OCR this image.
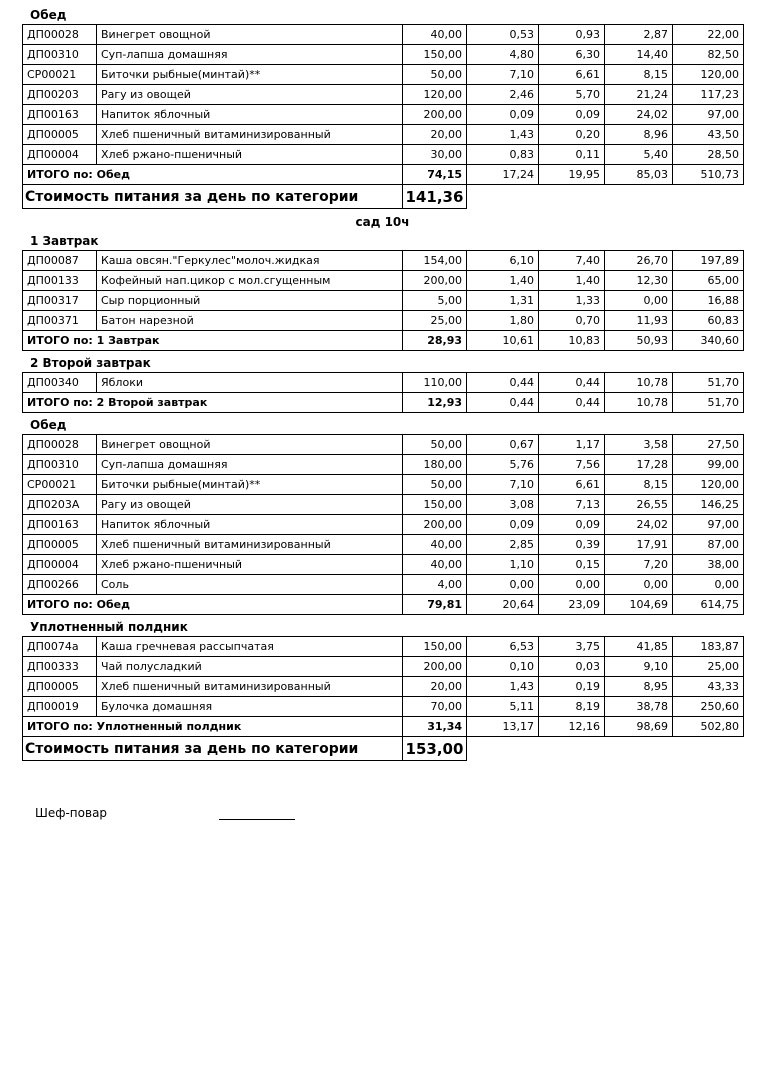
Обед
ДП00028	Винегрет овощной	40,00	0,53	0,93	2,87	22,00
ДП00310	Суп-лапша домашняя	150,00	4,80	6,30	14,40	82,50
СР00021	Биточки рыбные(минтай)**	50,00	7,10	6,61	8,15	120,00
ДП00203	Рагу из овощей	120,00	2,46	5,70	21,24	117,23
ДП00163	Напиток яблочный	200,00	0,09	0,09	24,02	97,00
ДП00005	Хлеб пшеничный витаминизированный	20,00	1,43	0,20	8,96	43,50
ДП00004	Хлеб ржано-пшеничный	30,00	0,83	0,11	5,40	28,50
ИТОГО по: Обед		74,15	17,24	19,95	85,03	510,73
Стоимость питания за день по категории	141,36
сад 10ч
1 Завтрак
ДП00087	Каша овсян."Геркулес"молоч.жидкая	154,00	6,10	7,40	26,70	197,89
ДП00133	Кофейный нап.цикор с мол.сгущенным	200,00	1,40	1,40	12,30	65,00
ДП00317	Сыр порционный	5,00	1,31	1,33	0,00	16,88
ДП00371	Батон нарезной	25,00	1,80	0,70	11,93	60,83
ИТОГО по: 1 Завтрак		28,93	10,61	10,83	50,93	340,60
2 Второй завтрак
ДП00340	Яблоки	110,00	0,44	0,44	10,78	51,70
ИТОГО по: 2 Второй завтрак		12,93	0,44	0,44	10,78	51,70
Обед
ДП00028	Винегрет овощной	50,00	0,67	1,17	3,58	27,50
ДП00310	Суп-лапша домашняя	180,00	5,76	7,56	17,28	99,00
СР00021	Биточки рыбные(минтай)**	50,00	7,10	6,61	8,15	120,00
ДП0203А	Рагу из овощей	150,00	3,08	7,13	26,55	146,25
ДП00163	Напиток яблочный	200,00	0,09	0,09	24,02	97,00
ДП00005	Хлеб пшеничный витаминизированный	40,00	2,85	0,39	17,91	87,00
ДП00004	Хлеб ржано-пшеничный	40,00	1,10	0,15	7,20	38,00
ДП00266	Соль	4,00	0,00	0,00	0,00	0,00
ИТОГО по: Обед		79,81	20,64	23,09	104,69	614,75
Уплотненный полдник
ДП0074а	Каша гречневая рассыпчатая	150,00	6,53	3,75	41,85	183,87
ДП00333	Чай полусладкий	200,00	0,10	0,03	9,10	25,00
ДП00005	Хлеб пшеничный витаминизированный	20,00	1,43	0,19	8,95	43,33
ДП00019	Булочка домашняя	70,00	5,11	8,19	38,78	250,60
ИТОГО по: Уплотненный полдник		31,34	13,17	12,16	98,69	502,80
Стоимость питания за день по категории	153,00
Шеф-повар
